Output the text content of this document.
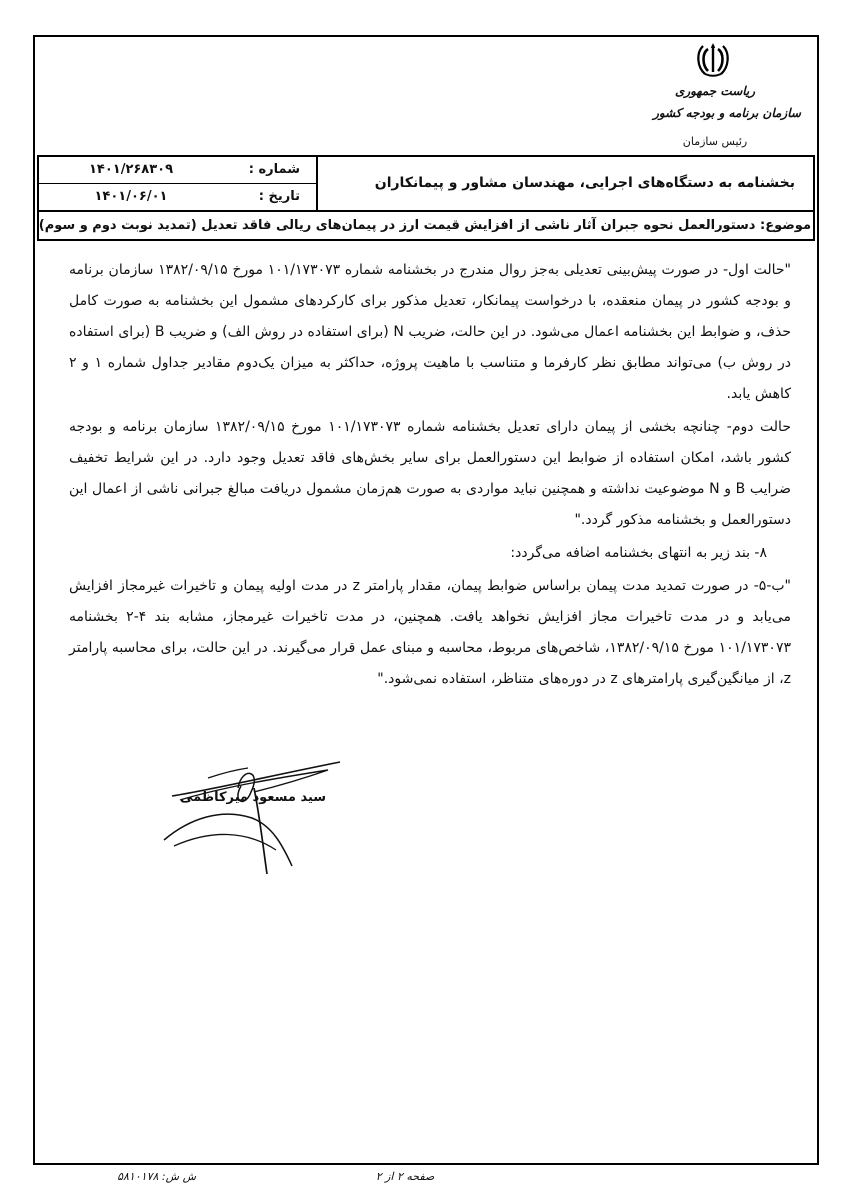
ریاست جمهوری
سازمان برنامه و بودجه کشور
رئیس سازمان
شماره :
۱۴۰۱/۲۶۸۳۰۹
تاریخ :
۱۴۰۱/۰۶/۰۱
بخشنامه به دستگاه‌های اجرایی، مهندسان مشاور و پیمانکاران
موضوع: دستورالعمل نحوه جبران آثار ناشی از افزایش قیمت ارز در پیمان‌های ریالی فاقد تعدیل (تمدید نوبت دوم و سوم)

"حالت اول- در صورت پیش‌بینی تعدیلی به‌جز روال مندرج در بخشنامه شماره ۱۰۱/۱۷۳۰۷۳ مورخ ۱۳۸۲/۰۹/۱۵ سازمان برنامه و بودجه کشور در پیمان منعقده، با درخواست پیمانکار، تعدیل مذکور برای کارکردهای مشمول این بخشنامه به صورت کامل حذف، و ضوابط این بخشنامه اعمال می‌شود. در این حالت، ضریب N (برای استفاده در روش الف) و ضریب B (برای استفاده در روش ب) می‌تواند مطابق نظر کارفرما و متناسب با ماهیت پروژه، حداکثر به میزان یک‌دوم مقادیر جداول شماره ۱ و ۲ کاهش یابد.

حالت دوم- چنانچه بخشی از پیمان دارای تعدیل بخشنامه شماره ۱۰۱/۱۷۳۰۷۳ مورخ ۱۳۸۲/۰۹/۱۵ سازمان برنامه و بودجه کشور باشد، امکان استفاده از ضوابط این دستورالعمل برای سایر بخش‌های فاقد تعدیل وجود دارد. در این شرایط تخفیف ضرایب B و N موضوعیت نداشته و همچنین نباید مواردی به صورت هم‌زمان مشمول دریافت مبالغ جبرانی ناشی از اعمال این دستورالعمل و بخشنامه مذکور گردد."

۸- بند زیر به انتهای بخشنامه اضافه می‌گردد:

"ب-۵- در صورت تمدید مدت پیمان براساس ضوابط پیمان، مقدار پارامتر z در مدت اولیه پیمان و تاخیرات غیرمجاز افزایش می‌یابد و در مدت تاخیرات مجاز افزایش نخواهد یافت. همچنین، در مدت تاخیرات غیرمجاز، مشابه بند ۴-۲ بخشنامه ۱۰۱/۱۷۳۰۷۳ مورخ ۱۳۸۲/۰۹/۱۵، شاخص‌های مربوط، محاسبه و مبنای عمل قرار می‌گیرند. در این حالت، برای محاسبه پارامتر z، از میانگین‌گیری پارامترهای z در دوره‌های متناظر، استفاده نمی‌شود."

سید مسعود میرکاظمی
ش ش: ۵۸۱۰۱۷۸	صفحه ۲ از ۲
